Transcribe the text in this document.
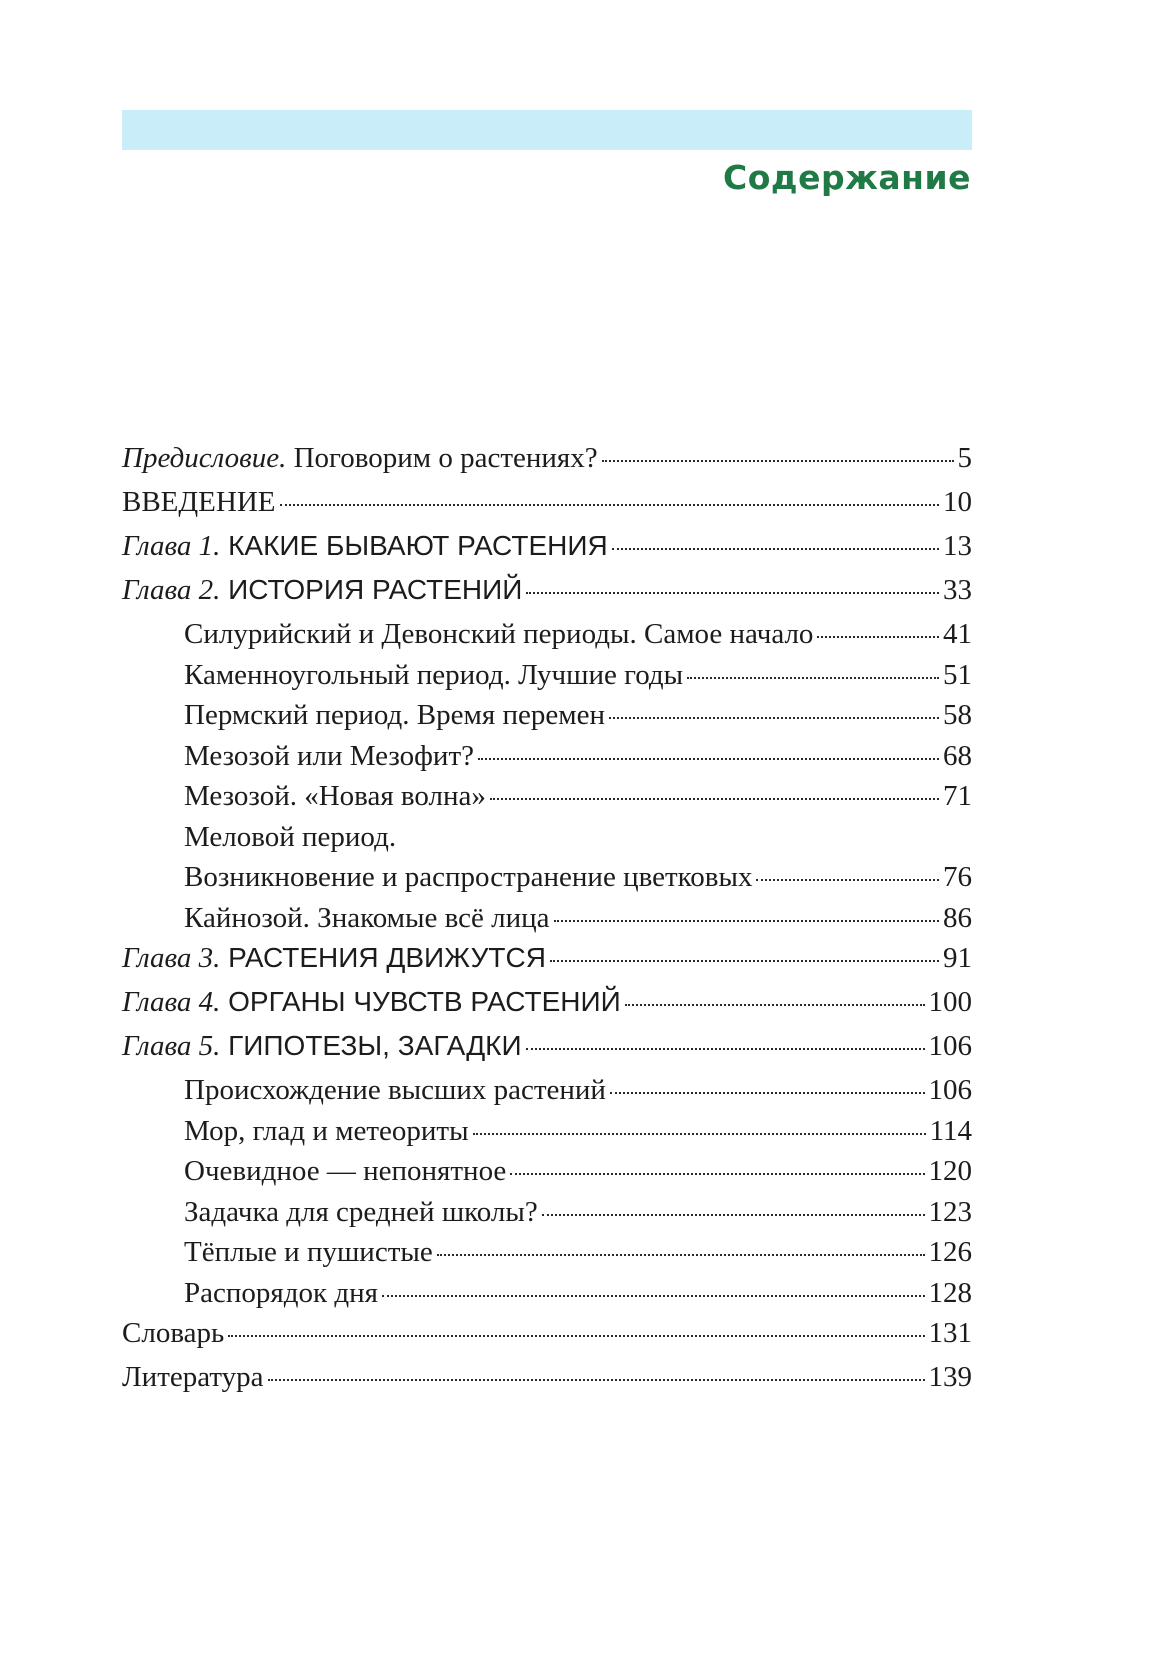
Содержание
Предисловие. Поговорим о растениях?	5
ВВЕДЕНИЕ	10
Глава 1. КАКИЕ БЫВАЮТ РАСТЕНИЯ	13
Глава 2. ИСТОРИЯ РАСТЕНИЙ	33
Силурийский и Девонский периоды. Самое начало	41
Каменноугольный период. Лучшие годы	51
Пермский период. Время перемен	58
Мезозой или Мезофит?	68
Мезозой. «Новая волна»	71
Меловой период.
Возникновение и распространение цветковых	76
Кайнозой. Знакомые всё лица	86
Глава 3. РАСТЕНИЯ ДВИЖУТСЯ	91
Глава 4. ОРГАНЫ ЧУВСТВ РАСТЕНИЙ	100
Глава 5. ГИПОТЕЗЫ, ЗАГАДКИ	106
Происхождение высших растений	106
Мор, глад и метеориты	114
Очевидное — непонятное	120
Задачка для средней школы?	123
Тёплые и пушистые	126
Распорядок дня	128
Словарь	131
Литература	139
